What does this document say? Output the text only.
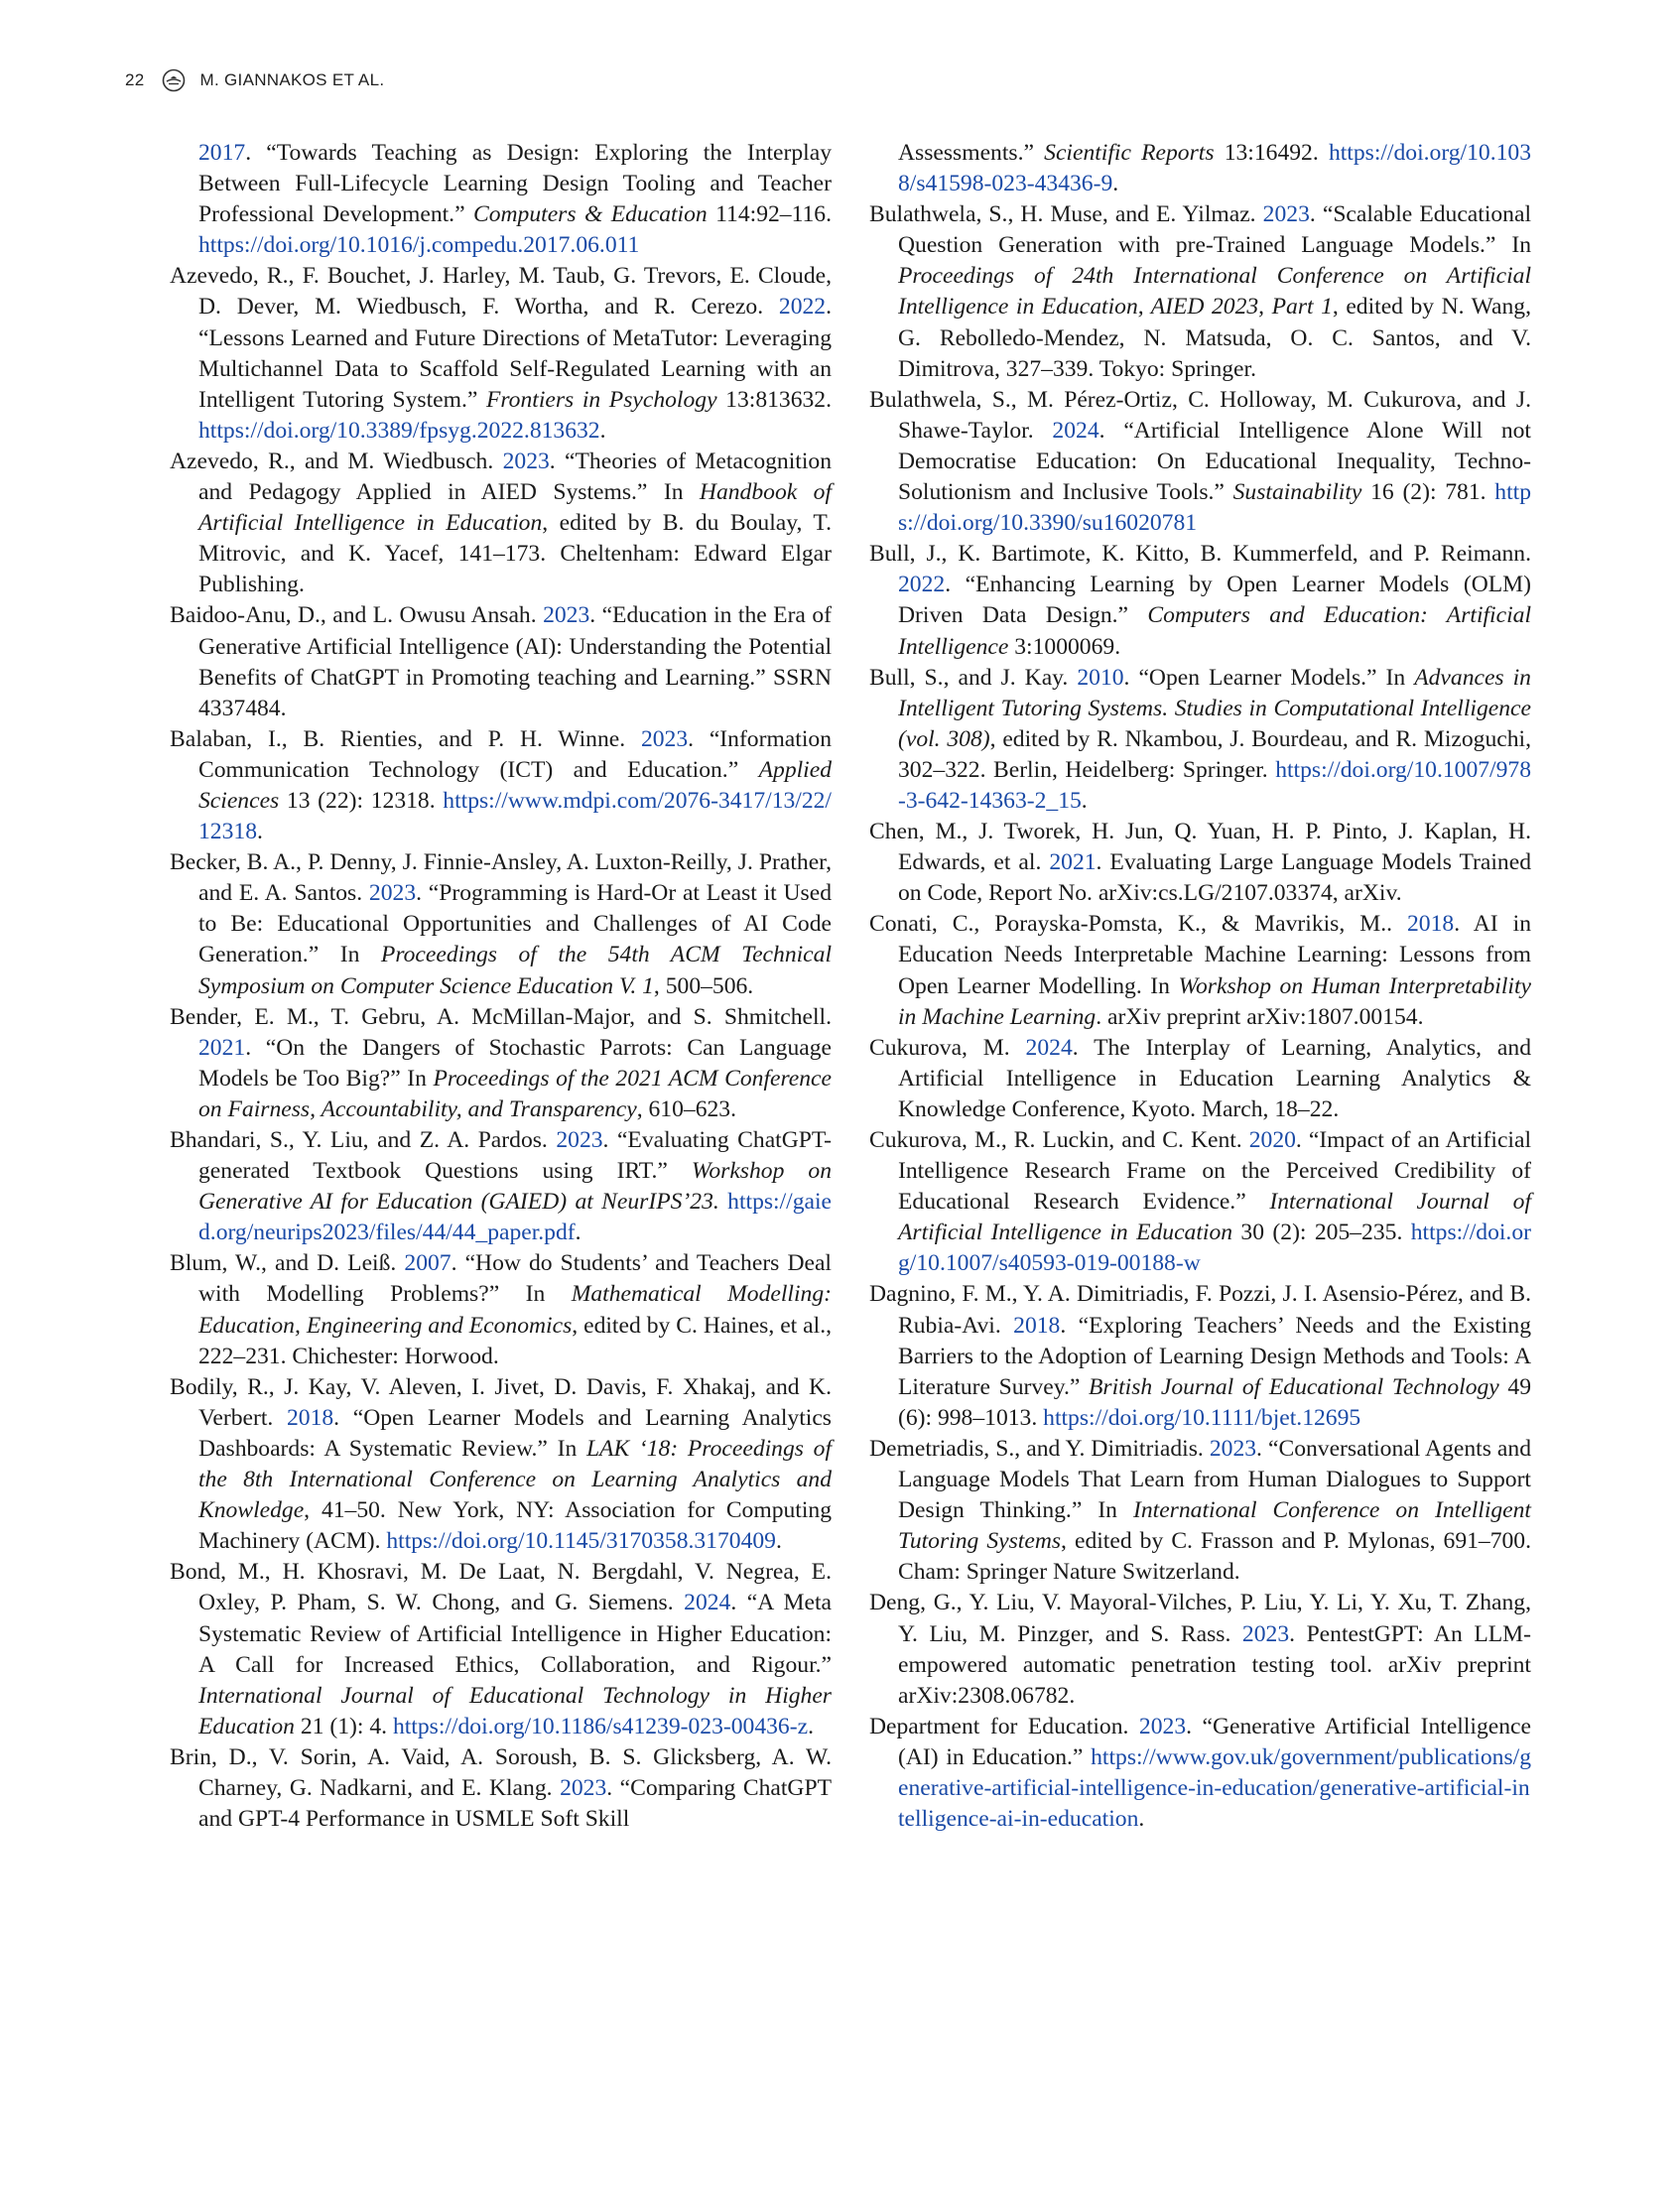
22	M. GIANNAKOS ET AL.

2017. “Towards Teaching as Design: Exploring the Interplay Between Full-Lifecycle Learning Design Tooling and Teacher Professional Development.” Computers & Education 114:92–116. https://doi.org/10.1016/j.compedu.2017.06.011

Azevedo, R., F. Bouchet, J. Harley, M. Taub, G. Trevors, E. Cloude, D. Dever, M. Wiedbusch, F. Wortha, and R. Cerezo. 2022. “Lessons Learned and Future Directions of MetaTutor: Leveraging Multichannel Data to Scaffold Self-Regulated Learning with an Intelligent Tutoring System.” Frontiers in Psychology 13:813632. https://doi.org/10.3389/fpsyg.2022.813632.

Azevedo, R., and M. Wiedbusch. 2023. “Theories of Metacognition and Pedagogy Applied in AIED Systems.” In Handbook of Artificial Intelligence in Education, edited by B. du Boulay, T. Mitrovic, and K. Yacef, 141–173. Cheltenham: Edward Elgar Publishing.

Baidoo-Anu, D., and L. Owusu Ansah. 2023. “Education in the Era of Generative Artificial Intelligence (AI): Understanding the Potential Benefits of ChatGPT in Promoting teaching and Learning.” SSRN 4337484.

Balaban, I., B. Rienties, and P. H. Winne. 2023. “Information Communication Technology (ICT) and Education.” Applied Sciences 13 (22): 12318. https://www.mdpi.com/2076-3417/13/22/12318.

Becker, B. A., P. Denny, J. Finnie-Ansley, A. Luxton-Reilly, J. Prather, and E. A. Santos. 2023. “Programming is Hard-Or at Least it Used to Be: Educational Opportunities and Challenges of AI Code Generation.” In Proceedings of the 54th ACM Technical Symposium on Computer Science Education V. 1, 500–506.

Bender, E. M., T. Gebru, A. McMillan-Major, and S. Shmitchell. 2021. “On the Dangers of Stochastic Parrots: Can Language Models be Too Big?” In Proceedings of the 2021 ACM Conference on Fairness, Accountability, and Transparency, 610–623.

Bhandari, S., Y. Liu, and Z. A. Pardos. 2023. “Evaluating ChatGPT-generated Textbook Questions using IRT.” Workshop on Generative AI for Education (GAIED) at NeurIPS’23. https://gaied.org/neurips2023/files/44/44_paper.pdf.

Blum, W., and D. Leiß. 2007. “How do Students’ and Teachers Deal with Modelling Problems?” In Mathematical Modelling: Education, Engineering and Economics, edited by C. Haines, et al., 222–231. Chichester: Horwood.

Bodily, R., J. Kay, V. Aleven, I. Jivet, D. Davis, F. Xhakaj, and K. Verbert. 2018. “Open Learner Models and Learning Analytics Dashboards: A Systematic Review.” In LAK ‘18: Proceedings of the 8th International Conference on Learning Analytics and Knowledge, 41–50. New York, NY: Association for Computing Machinery (ACM). https://doi.org/10.1145/3170358.3170409.

Bond, M., H. Khosravi, M. De Laat, N. Bergdahl, V. Negrea, E. Oxley, P. Pham, S. W. Chong, and G. Siemens. 2024. “A Meta Systematic Review of Artificial Intelligence in Higher Education: A Call for Increased Ethics, Collaboration, and Rigour.” International Journal of Educational Technology in Higher Education 21 (1): 4. https://doi.org/10.1186/s41239-023-00436-z.

Brin, D., V. Sorin, A. Vaid, A. Soroush, B. S. Glicksberg, A. W. Charney, G. Nadkarni, and E. Klang. 2023. “Comparing ChatGPT and GPT-4 Performance in USMLE Soft Skill

Assessments.” Scientific Reports 13:16492. https://doi.org/10.1038/s41598-023-43436-9.

Bulathwela, S., H. Muse, and E. Yilmaz. 2023. “Scalable Educational Question Generation with pre-Trained Language Models.” In Proceedings of 24th International Conference on Artificial Intelligence in Education, AIED 2023, Part 1, edited by N. Wang, G. Rebolledo-Mendez, N. Matsuda, O. C. Santos, and V. Dimitrova, 327–339. Tokyo: Springer.

Bulathwela, S., M. Pérez-Ortiz, C. Holloway, M. Cukurova, and J. Shawe-Taylor. 2024. “Artificial Intelligence Alone Will not Democratise Education: On Educational Inequality, Techno-Solutionism and Inclusive Tools.” Sustainability 16 (2): 781. https://doi.org/10.3390/su16020781

Bull, J., K. Bartimote, K. Kitto, B. Kummerfeld, and P. Reimann. 2022. “Enhancing Learning by Open Learner Models (OLM) Driven Data Design.” Computers and Education: Artificial Intelligence 3:1000069.

Bull, S., and J. Kay. 2010. “Open Learner Models.” In Advances in Intelligent Tutoring Systems. Studies in Computational Intelligence (vol. 308), edited by R. Nkambou, J. Bourdeau, and R. Mizoguchi, 302–322. Berlin, Heidelberg: Springer. https://doi.org/10.1007/978-3-642-14363-2_15.

Chen, M., J. Tworek, H. Jun, Q. Yuan, H. P. Pinto, J. Kaplan, H. Edwards, et al. 2021. Evaluating Large Language Models Trained on Code, Report No. arXiv:cs.LG/2107.03374, arXiv.

Conati, C., Porayska-Pomsta, K., & Mavrikis, M.. 2018. AI in Education Needs Interpretable Machine Learning: Lessons from Open Learner Modelling. In Workshop on Human Interpretability in Machine Learning. arXiv preprint arXiv:1807.00154.

Cukurova, M. 2024. The Interplay of Learning, Analytics, and Artificial Intelligence in Education Learning Analytics & Knowledge Conference, Kyoto. March, 18–22.

Cukurova, M., R. Luckin, and C. Kent. 2020. “Impact of an Artificial Intelligence Research Frame on the Perceived Credibility of Educational Research Evidence.” International Journal of Artificial Intelligence in Education 30 (2): 205–235. https://doi.org/10.1007/s40593-019-00188-w

Dagnino, F. M., Y. A. Dimitriadis, F. Pozzi, J. I. Asensio-Pérez, and B. Rubia-Avi. 2018. “Exploring Teachers’ Needs and the Existing Barriers to the Adoption of Learning Design Methods and Tools: A Literature Survey.” British Journal of Educational Technology 49 (6): 998–1013. https://doi.org/10.1111/bjet.12695

Demetriadis, S., and Y. Dimitriadis. 2023. “Conversational Agents and Language Models That Learn from Human Dialogues to Support Design Thinking.” In International Conference on Intelligent Tutoring Systems, edited by C. Frasson and P. Mylonas, 691–700. Cham: Springer Nature Switzerland.

Deng, G., Y. Liu, V. Mayoral-Vilches, P. Liu, Y. Li, Y. Xu, T. Zhang, Y. Liu, M. Pinzger, and S. Rass. 2023. PentestGPT: An LLM-empowered automatic penetration testing tool. arXiv preprint arXiv:2308.06782.

Department for Education. 2023. “Generative Artificial Intelligence (AI) in Education.” https://www.gov.uk/government/publications/generative-artificial-intelligence-in-education/generative-artificial-intelligence-ai-in-education.
